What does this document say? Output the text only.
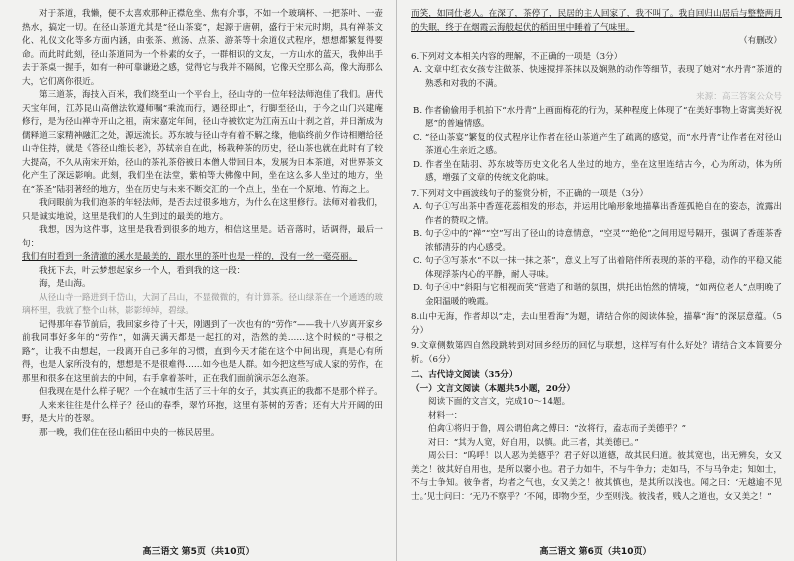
对于茶道，我懒，便不太喜欢那种正襟危坐、焦有介事，不如一个玻璃杯、一把茶叶、一壶热水，搞定一切。在径山茶道尤其是“径山茶宴”，起源于唐朝，盛行于宋元时期，具有禅茶文化、礼仪文化等多方面内涵，由张茶、煎汤、点茶、游茶等十余道仪式程序，想想都繁复得要命。而此时此刻，径山茶道同为一个朴素的女子，一群相识的文友，一方山水的蓝天，我伸出手去于茶桌一握手，如有一种可靠谦逊之感，觉得它与我并不隔阂，它像天空那么高，像大海那么大，它们离你很近。

第三道茶，海技入百米，我们绕至山一个平台上，径山寺的一位年轻法师泡佳了我们。唐代天宝年间，江苏昆山高僧法钦遵师嘱“乘流而行，遇径即止”，行脚至径山，于今之山门兴建庵修行，是为径山禅寺开山之祖，南宋嘉定年间，径山寺被钦定为江南五山十刹之首，并日渐成为儒释道三家精神融汇之处，源远流长。苏东坡与径山寺有着不解之缘，他临终前夕作诗相赠给径山寺住持，就是《答径山维长老》，苏轼亲自在此，杨栽种茶的历史，径山茶也就在此时有了较大提高，不久从南宋开始，径山的茶礼茶俗被日本僧人带回日本，发展为日本茶道，对世界茶文化产生了深远影响。此刻，我们坐在法堂，紫柏等大佛像中间，坐在这么多人坐过的地方，坐在“茶圣”陆羽著经的地方，坐在历史与未来不断交汇的一个点上，坐在一个原地、竹海之上。

我问眼前为我们泡茶的年轻法师，是否去过很多地方，为什么在这里修行。法师对着我们，只是诚实地说，这里是我们的人生到过的最美的地方。

我想，因为这件事，这里是我看到很多的地方，相信这里是。话音落时，话调得，最后一句：

我们有时看到一条清澈的溪水是最美的，跟水里的茶叶也是一样的，没有一丝一毫亮丽。

我抚下去，叶云梦想起家乡一个人，看到我的这一段：

海，是山海。

从径山寺一路进到千岱山，大洞了吕山，不显微微的，有计算茶。径山绿茶在一个通透的玻璃杯里，我就了整个山林，影影绰绰，碧绿。

记得那年春节前后，我回家乡待了十天，刚遇到了一次也有的“劳作”——我十八岁离开家乡前我同事好多年的“劳作”，如满天满天都是一起扛的对，浩然的美……这个时候的“寻根之路”，让我不由想起，一段离开自己多年的习惯，直到今天才能在这个中间出现，真是心有所得，也是人家所没有的，想想是不是很难得……如今也是人群。如今把这些写成人家的劳作，在那里和很多在这里前去的中间，右手拿着茶叶，正在我们面前演示怎么泡茶。

但我现在是什么样子呢？一个在城市生活了三十年的女子，其实真正的我都不是那个样子。

人来来往往是什么样子？径山的春季，翠竹环抱，这里有茶树的芳香；还有大片开阔的田野，是大片的苍翠。

那一晚，我们住在径山稻田中央的一栋民居里。

高三语文 第5页（共10页）

而笑，如同仕老人。在深了，茶停了，民居的主人回家了，我不叫了。我自回归山居后与整整两月的失眠，终于在烟霞云海般起伏的稻田里中睡着了气味里。

（有删改）

6.下列对文本相关内容的理解，不正确的一项是（3分）

A. 文章中红衣女孩专注做茶、快速搅拌茶抹以及娴熟的动作等细节，表现了她对“水丹青”茶道的熟悉和对我的不满。

来源：高三答案公众号

B. 作者偷偷用手机拍下“水丹青”上画面梅花的行为，某种程度上体现了“在美好事物上寄寓美好祝愿”的普遍情感。

C. “径山茶宴”繁复的仪式程序让作者在径山茶道产生了疏离的感觉，而“水丹青”让作者在对径山茶道心生亲近之感。

D. 作者坐在陆羽、苏东坡等历史文化名人坐过的地方，坐在这里连结古今，心为所动，体为所感，增强了文章的传统文化韵味。

7.下列对文中画波线句子的鉴赏分析，不正确的一项是（3分）

A. 句子①写出茶中香莲花蕊相发的形态，并运用比喻形象地描摹出香莲孤艳自在的姿态，流露出作者的赞叹之情。

B. 句子②中的“禅”“空”写出了径山的诗意情意，“空灵”“绝伦”之间用逗号隔开，强调了香莲茶香浓郁清芬的内心感受。

C. 句子③写茶水“不以一抹一抹之茶”，意义上写了出着陪伴所表现的茶的平稳，动作的平稳又能体现浮茶内心的平静，耐人寻味。

D. 句子④中“斜阳与它相视而笑”营造了和谐的氛围，烘托出怡然的情境，“如两位老人”点明晚了金阳温暖的晚霞。

8.山中无海，作者却以“走，去山里看海”为题，请结合你的阅读体验，描摹“海”的深层意蕴。（5分）

9.文章侧数第四自然段跳转到对回乡经历的回忆与联想，这样写有什么好处？请结合文本简要分析。（6分）

二、古代诗文阅读（35分）

（一）文言文阅读（本题共5小题，20分）

阅读下面的文言文，完成10～14题。

材料一：

伯禽①将归于鲁，周公谓伯禽之傅曰：“汝将行，盍志而子美德乎？”

对曰：“其为人宽，好自用，以慎。此三者，其美德已。”

周公曰：“呜呼！以人恶为美德乎？君子好以道德，故其民归道。彼其宽也，出无辨矣，女又美之！彼其好自用也，是所以窭小也。君子力如牛，不与牛争力；走如马，不与马争走；知如士，不与士争知。彼争者，均者之气也，女又美之！彼其慎也，是其所以浅也。闻之曰：‘无越逾不见士。’见士问曰：‘无乃不察乎？’不闻，即物少至，少至则浅。彼浅者，贱人之道也，女又美之！”

高三语文 第6页（共10页）
